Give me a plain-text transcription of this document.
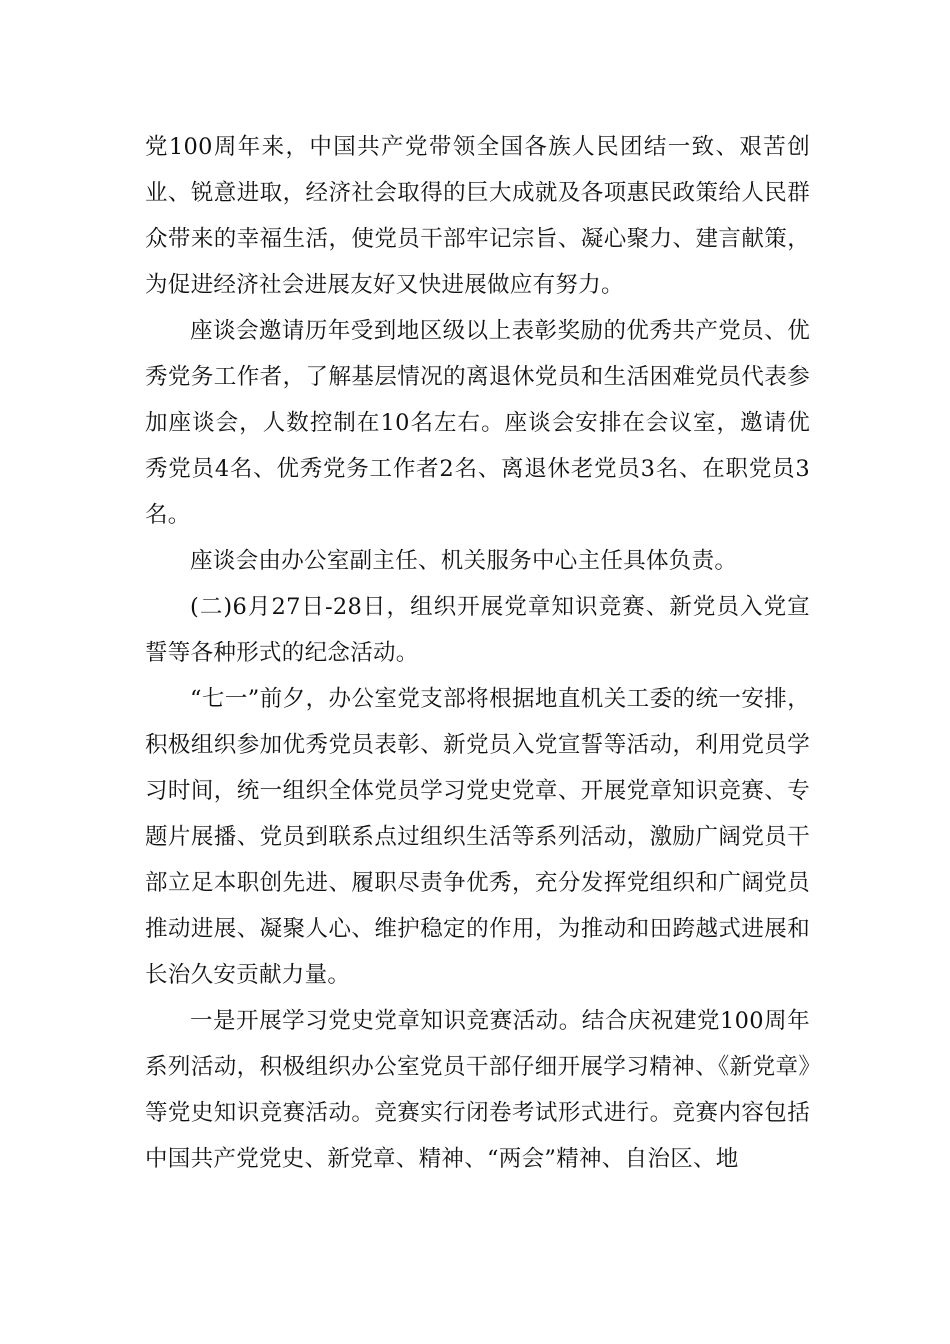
党100周年来，中国共产党带领全国各族人民团结一致、艰苦创业、锐意进取，经济社会取得的巨大成就及各项惠民政策给人民群众带来的幸福生活，使党员干部牢记宗旨、凝心聚力、建言献策，为促进经济社会进展友好又快进展做应有努力。

座谈会邀请历年受到地区级以上表彰奖励的优秀共产党员、优秀党务工作者，了解基层情况的离退休党员和生活困难党员代表参加座谈会，人数控制在10名左右。座谈会安排在会议室，邀请优秀党员4名、优秀党务工作者2名、离退休老党员3名、在职党员3名。

座谈会由办公室副主任、机关服务中心主任具体负责。

(二)6月27日-28日，组织开展党章知识竞赛、新党员入党宣誓等各种形式的纪念活动。

“七一”前夕，办公室党支部将根据地直机关工委的统一安排，积极组织参加优秀党员表彰、新党员入党宣誓等活动，利用党员学习时间，统一组织全体党员学习党史党章、开展党章知识竞赛、专题片展播、党员到联系点过组织生活等系列活动，激励广阔党员干部立足本职创先进、履职尽责争优秀，充分发挥党组织和广阔党员推动进展、凝聚人心、维护稳定的作用，为推动和田跨越式进展和长治久安贡献力量。

一是开展学习党史党章知识竞赛活动。结合庆祝建党100周年系列活动，积极组织办公室党员干部仔细开展学习精神、《新党章》等党史知识竞赛活动。竞赛实行闭卷考试形式进行。竞赛内容包括中国共产党党史、新党章、精神、“两会”精神、自治区、地
